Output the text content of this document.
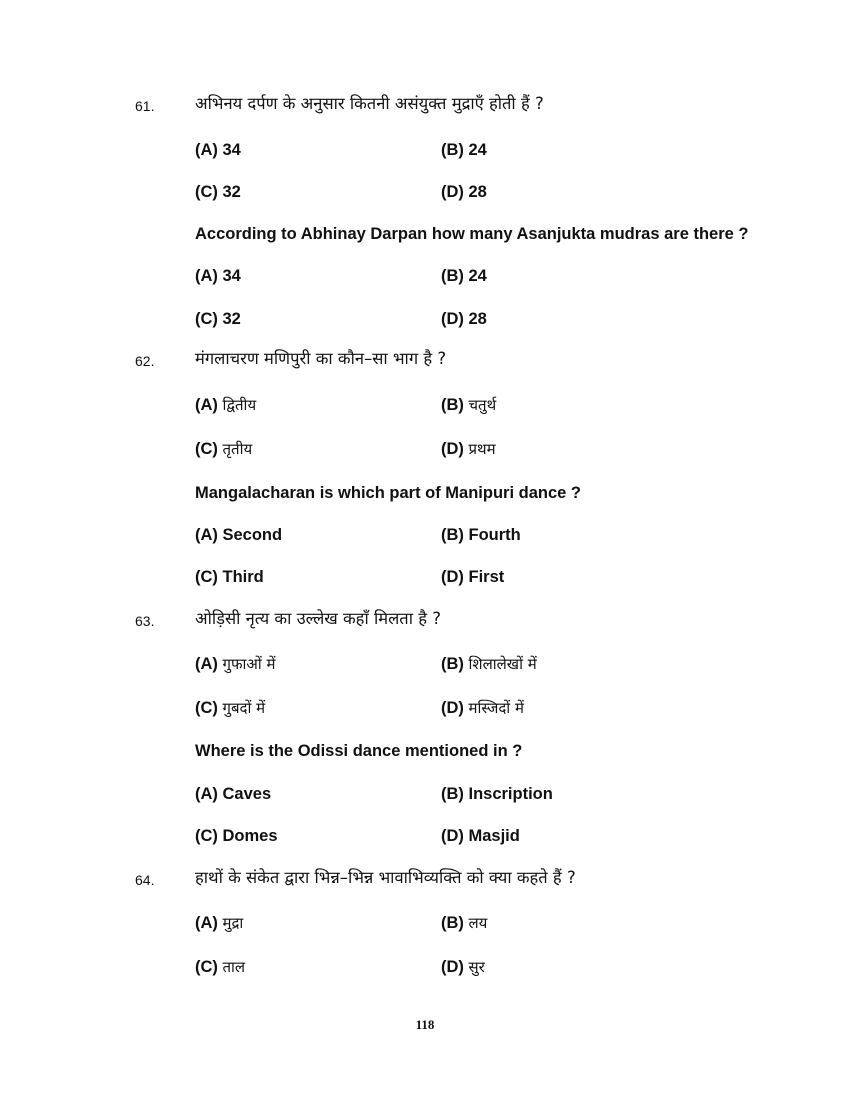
61. अभिनय दर्पण के अनुसार कितनी असंयुक्त मुद्राएँ होती हैं ?
(A) 34	(B) 24
(C) 32	(D) 28
According to Abhinay Darpan how many Asanjukta mudras are there ?
(A) 34	(B) 24
(C) 32	(D) 28
62. मंगलाचरण मणिपुरी का कौन–सा भाग है ?
(A) द्वितीय	(B) चतुर्थ
(C) तृतीय	(D) प्रथम
Mangalacharan is which part of Manipuri dance ?
(A) Second	(B) Fourth
(C) Third	(D) First
63. ओड़िसी नृत्य का उल्लेख कहाँ मिलता है ?
(A) गुफाओं में	(B) शिलालेखों में
(C) गुबदों में	(D) मस्जिदों में
Where is the Odissi dance mentioned in ?
(A) Caves	(B) Inscription
(C) Domes	(D) Masjid
64. हाथों के संकेत द्वारा भिन्न–भिन्न भावाभिव्यक्ति को क्या कहते हैं ?
(A) मुद्रा	(B) लय
(C) ताल	(D) सुर
118
